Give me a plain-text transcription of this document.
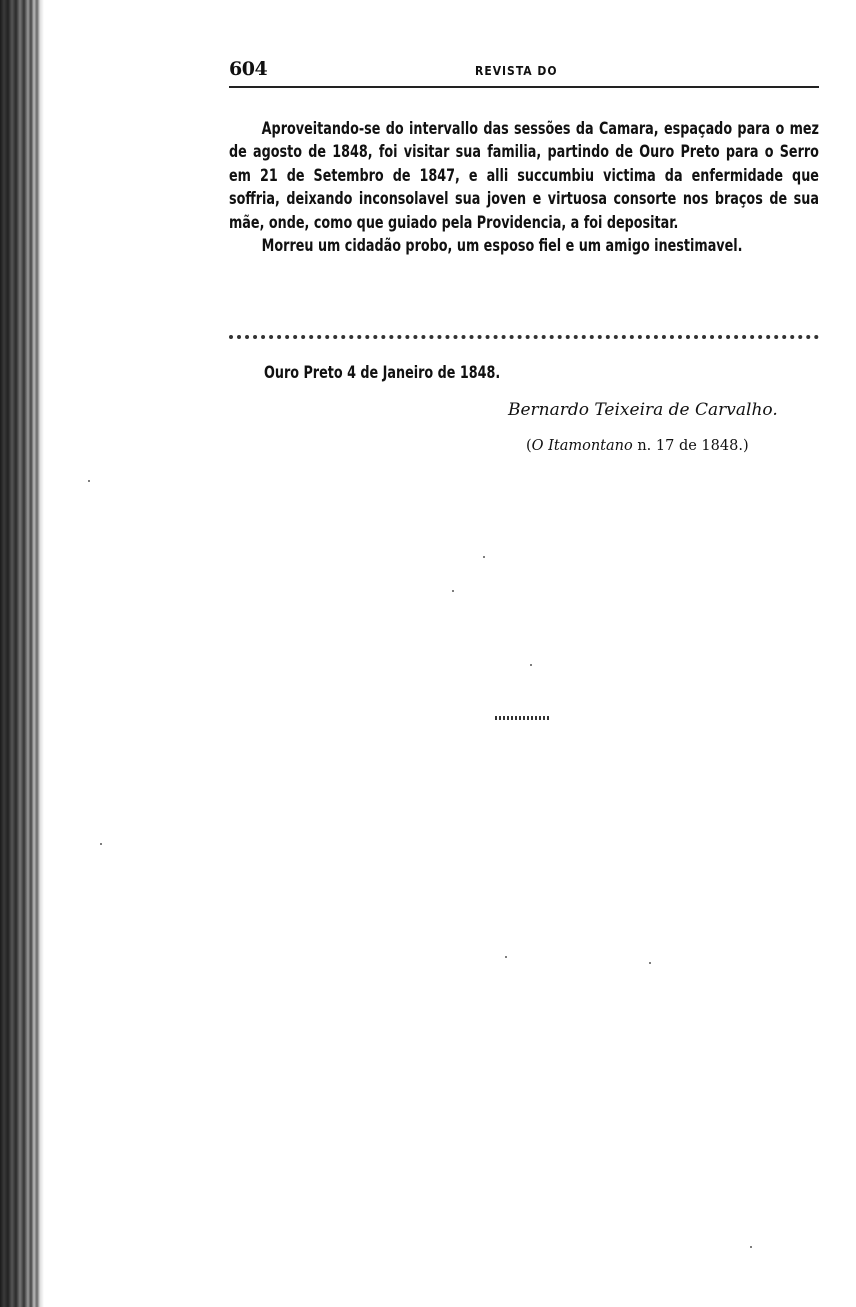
604	REVISTA DO

Aproveitando-se do intervallo das sessões da Camara, espaçado para o mez de agosto de 1848, foi visitar sua familia, partindo de Ouro Preto para o Serro em 21 de Setembro de 1847, e alli succumbiu victima da enfermidade que soffria, deixando inconsolavel sua joven e virtuosa consorte nos braços de sua mãe, onde, como que guiado pela Providencia, a foi depositar.

Morreu um cidadão probo, um esposo fiel e um amigo inestimavel.

Ouro Preto 4 de Janeiro de 1848.
Bernardo Teixeira de Carvalho.
(O Itamontano n. 17 de 1848.)
